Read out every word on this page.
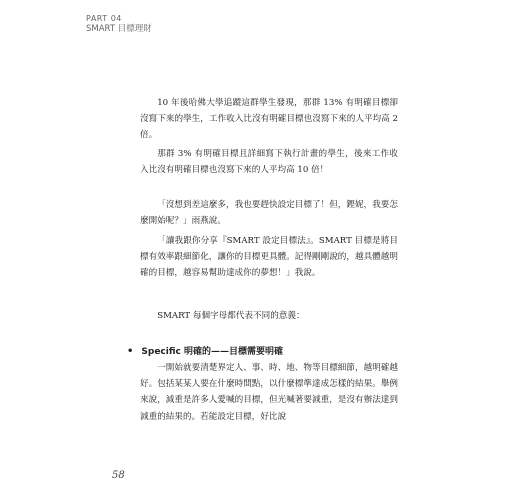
PART 04
SMART 目標理財

10 年後哈佛大學追蹤這群學生發現，那群 13% 有明確目標卻沒寫下來的學生，工作收入比沒有明確目標也沒寫下來的人平均高 2 倍。

那群 3% 有明確目標且詳細寫下執行計畫的學生，後來工作收入比沒有明確目標也沒寫下來的人平均高 10 倍！

「沒想到差這麼多，我也要趕快設定目標了！但，鏗妮，我要怎麼開始呢？」雨燕說。

「讓我跟你分享『SMART 設定目標法』。SMART 目標是將目標有效率跟細節化，讓你的目標更具體。記得剛剛說的，越具體越明確的目標，越容易幫助達成你的夢想！」我說。

SMART 每個字母都代表不同的意義：

• Specific 明確的——目標需要明確

一開始就要清楚界定人、事、時、地、物等目標細節，越明確越好。包括某某人要在什麼時間點，以什麼標準達成怎樣的結果。舉例來說，減重是許多人愛喊的目標，但光喊著要減重，是沒有辦法達到減重的結果的。若能設定目標，好比說

58
